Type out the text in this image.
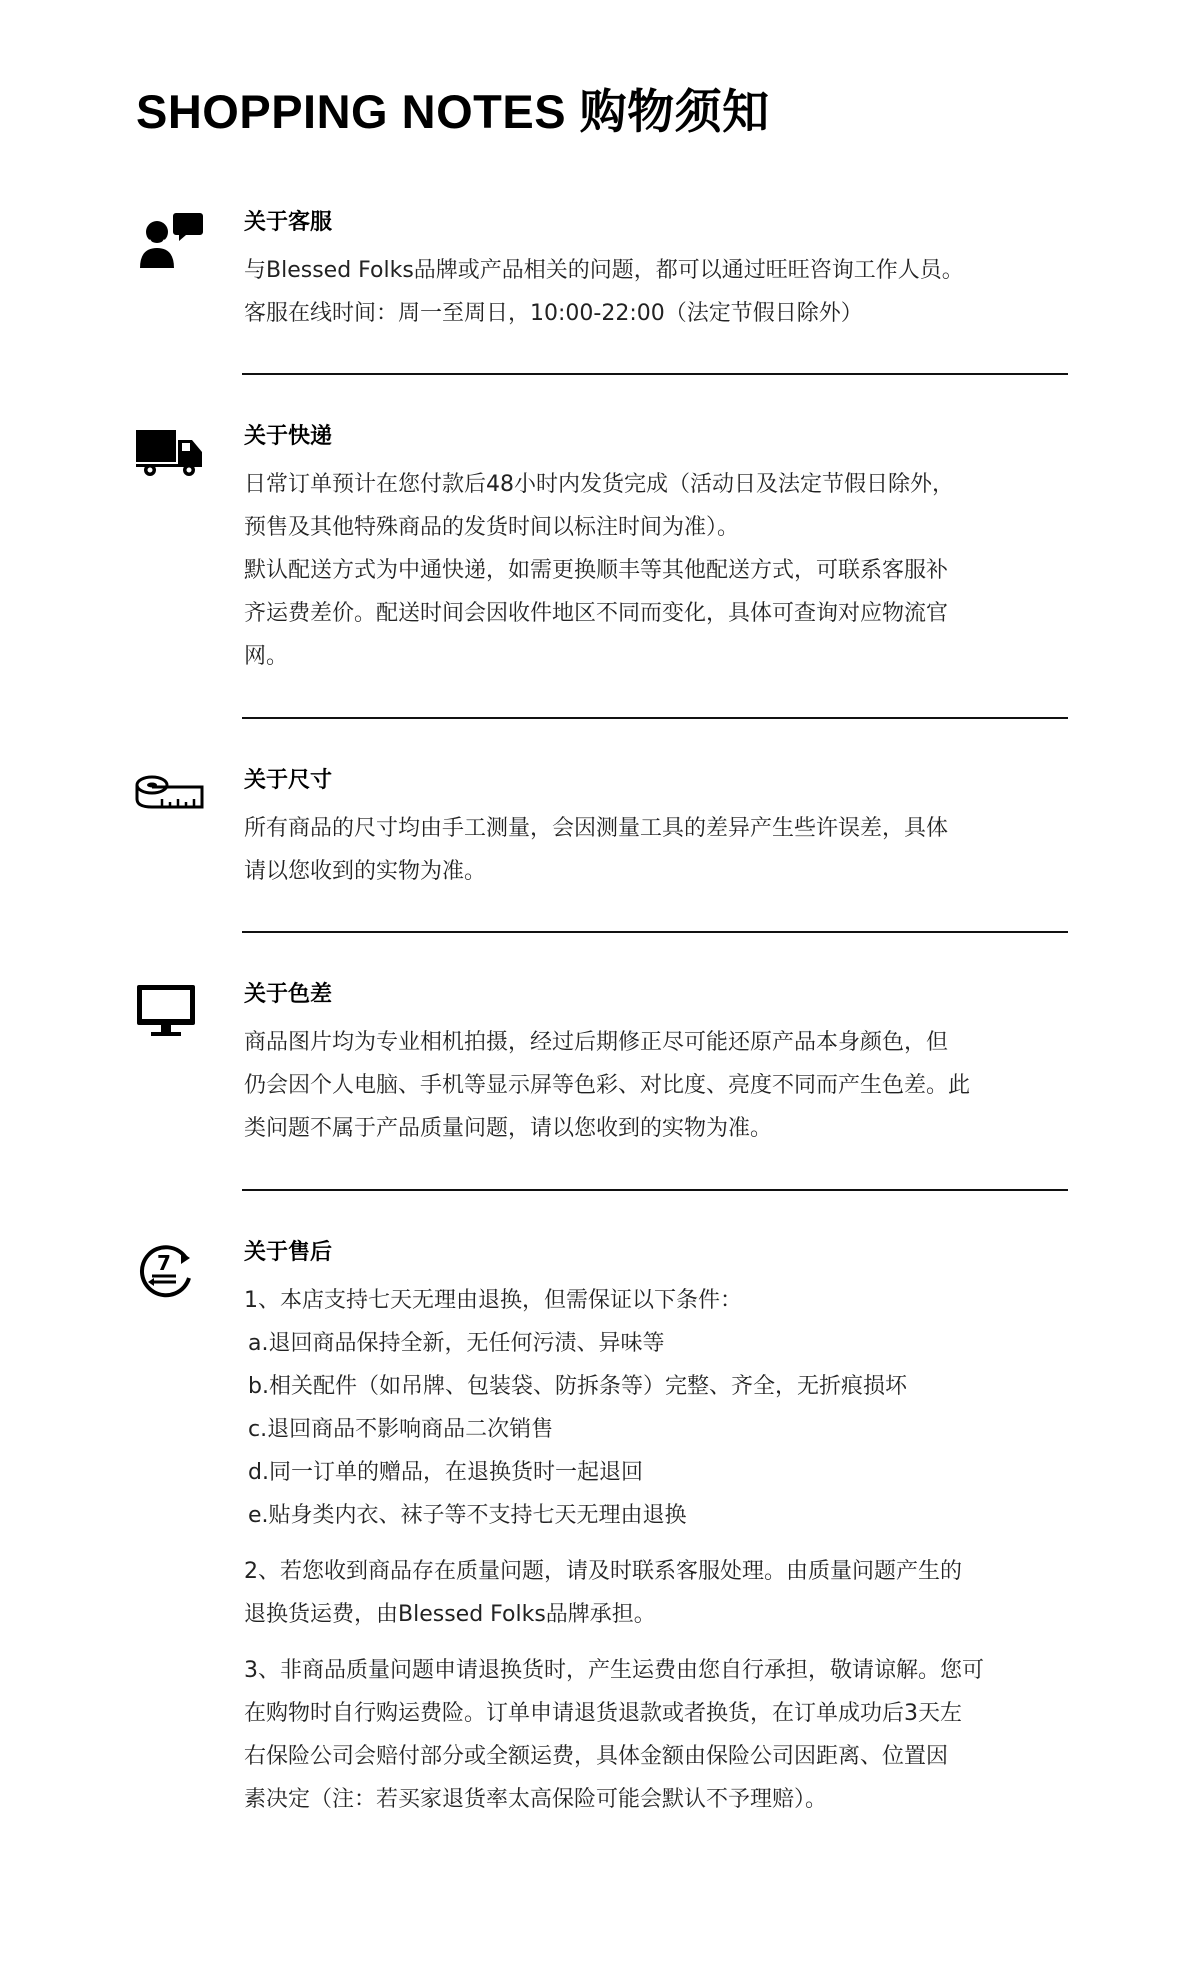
SHOPPING NOTES 购物须知
关于客服
与Blessed Folks品牌或产品相关的问题，都可以通过旺旺咨询工作人员。
客服在线时间：周一至周日，10:00-22:00（法定节假日除外）
关于快递
日常订单预计在您付款后48小时内发货完成（活动日及法定节假日除外，
预售及其他特殊商品的发货时间以标注时间为准）。
默认配送方式为中通快递，如需更换顺丰等其他配送方式，可联系客服补
齐运费差价。配送时间会因收件地区不同而变化，具体可查询对应物流官
网。
关于尺寸
所有商品的尺寸均由手工测量，会因测量工具的差异产生些许误差，具体
请以您收到的实物为准。
关于色差
商品图片均为专业相机拍摄，经过后期修正尽可能还原产品本身颜色，但
仍会因个人电脑、手机等显示屏等色彩、对比度、亮度不同而产生色差。此
类问题不属于产品质量问题，请以您收到的实物为准。
7	关于售后
1、本店支持七天无理由退换，但需保证以下条件：
a.退回商品保持全新，无任何污渍、异味等
b.相关配件（如吊牌、包装袋、防拆条等）完整、齐全，无折痕损坏
c.退回商品不影响商品二次销售
d.同一订单的赠品，在退换货时一起退回
e.贴身类内衣、袜子等不支持七天无理由退换
2、若您收到商品存在质量问题，请及时联系客服处理。由质量问题产生的
退换货运费，由Blessed Folks品牌承担。
3、非商品质量问题申请退换货时，产生运费由您自行承担，敬请谅解。您可
在购物时自行购运费险。订单申请退货退款或者换货，在订单成功后3天左
右保险公司会赔付部分或全额运费，具体金额由保险公司因距离、位置因
素决定（注：若买家退货率太高保险可能会默认不予理赔）。
